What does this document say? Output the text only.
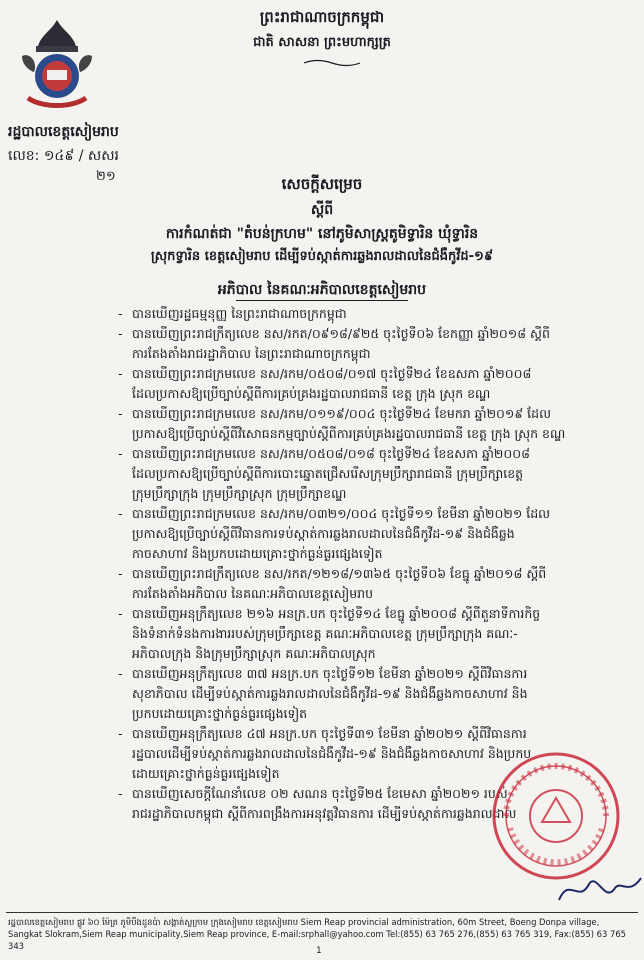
ព្រះរាជាណាចក្រកម្ពុជា
ជាតិ សាសនា ព្រះមហាក្សត្រ
រដ្ឋបាលខេត្តសៀមរាប
លេខ: ១៤៩ / សសរ
២១	សេចក្តីសម្រេច
ស្តីពី
ការកំណត់ជា "តំបន់ក្រហម" នៅភូមិសាស្ត្រតូមិទ្វារិន ឃុំទ្វារិន
ស្រុកទ្វារិន ខេត្តសៀមរាប ដើម្បីទប់ស្កាត់ការឆ្លងរាលដាលនៃជំងឺកូវីដ-១៩
អភិបាល នៃគណៈអភិបាលខេត្តសៀមរាប
- បានឃើញរដ្ឋធម្មនុញ្ញ នៃព្រះរាជាណាចក្រកម្ពុជា
- បានឃើញព្រះរាជក្រឹត្យលេខ នស/រកត/០៩១៨/៩២៥ ចុះថ្ងៃទី០៦ ខែកញ្ញា ឆ្នាំ២០១៨ ស្តីពី
ការតែងតាំងរាជរដ្ឋាភិបាល នៃព្រះរាជាណាចក្រកម្ពុជា
- បានឃើញព្រះរាជក្រមលេខ នស/រកម/០៥០៨/០១៧ ចុះថ្ងៃទី២៤ ខែឧសភា ឆ្នាំ២០០៨
ដែលប្រកាសឱ្យប្រើច្បាប់ស្តីពីការគ្រប់គ្រងរដ្ឋបាលរាជធានី ខេត្ត ក្រុង ស្រុក ខណ្ឌ
- បានឃើញព្រះរាជក្រមលេខ នស/រកម/០១១៩/០០៤ ចុះថ្ងៃទី២៤ ខែមករា ឆ្នាំ២០១៩ ដែល
ប្រកាសឱ្យប្រើច្បាប់ស្តីពីវិសោធនកម្មច្បាប់ស្តីពីការគ្រប់គ្រងរដ្ឋបាលរាជធានី ខេត្ត ក្រុង ស្រុក ខណ្ឌ
- បានឃើញព្រះរាជក្រមលេខ នស/រកម/០៥០៨/០១៨ ចុះថ្ងៃទី២៤ ខែឧសភា ឆ្នាំ២០០៨
ដែលប្រកាសឱ្យប្រើច្បាប់ស្តីពីការបោះឆ្នោតជ្រើសរើសក្រុមប្រឹក្សារាជធានី ក្រុមប្រឹក្សាខេត្ត
ក្រុមប្រឹក្សាក្រុង ក្រុមប្រឹក្សាស្រុក ក្រុមប្រឹក្សាខណ្ឌ
- បានឃើញព្រះរាជក្រមលេខ នស/រកម/០៣២១/០០៤ ចុះថ្ងៃទី១១ ខែមីនា ឆ្នាំ២០២១ ដែល
ប្រកាសឱ្យប្រើច្បាប់ស្តីពីវិធានការទប់ស្កាត់ការឆ្លងរាលដាលនៃជំងឺកូវីដ-១៩ និងជំងឺឆ្លង
កាចសាហាវ និងប្រកបដោយគ្រោះថ្នាក់ធ្ងន់ធ្ងរផ្សេងទៀត
- បានឃើញព្រះរាជក្រឹត្យលេខ នស/រកត/១២១៨/១៣៦៥ ចុះថ្ងៃទី០៦ ខែធ្នូ ឆ្នាំ២០១៨ ស្តីពី
ការតែងតាំងអភិបាល នៃគណៈអភិបាលខេត្តសៀមរាប
- បានឃើញអនុក្រឹត្យលេខ ២១៦ អនក្រ.បក ចុះថ្ងៃទី១៤ ខែធ្នូ ឆ្នាំ២០០៨ ស្តីពីតួនាទីការកិច្ច
និងទំនាក់ទំនងការងាររបស់ក្រុមប្រឹក្សាខេត្ត គណៈអភិបាលខេត្ត ក្រុមប្រឹក្សាក្រុង គណៈ-
អភិបាលក្រុង និងក្រុមប្រឹក្សាស្រុក គណៈអភិបាលស្រុក
- បានឃើញអនុក្រឹត្យលេខ ៣៧ អនក្រ.បក ចុះថ្ងៃទី១២ ខែមីនា ឆ្នាំ២០២១ ស្តីពីវិធានការ
សុខាភិបាល ដើម្បីទប់ស្កាត់ការឆ្លងរាលដាលនៃជំងឺកូវីដ-១៩ និងជំងឺឆ្លងកាចសាហាវ និង
ប្រកបដោយគ្រោះថ្នាក់ធ្ងន់ធ្ងរផ្សេងទៀត
- បានឃើញអនុក្រឹត្យលេខ ៤៧ អនក្រ.បក ចុះថ្ងៃទី៣១ ខែមីនា ឆ្នាំ២០២១ ស្តីពីវិធានការ
រដ្ឋបាលដើម្បីទប់ស្កាត់ការឆ្លងរាលដាលនៃជំងឺកូវីដ-១៩ និងជំងឺឆ្លងកាចសាហាវ និងប្រកប
ដោយគ្រោះថ្នាក់ធ្ងន់ធ្ងរផ្សេងទៀត
- បានឃើញសេចក្តីណែនាំលេខ ០២ សណន ចុះថ្ងៃទី២៥ ខែមេសា ឆ្នាំ២០២១ របស់
រាជរដ្ឋាភិបាលកម្ពុជា ស្តីពីការពង្រឹងការអនុវត្តវិធានការ ដើម្បីទប់ស្កាត់ការឆ្លងរាលដាល
រដ្ឋបាលខេត្តសៀមរាប ផ្លូវ ៦០ ម៉ែត្រ ភូមិបឹងដូនប៉ា សង្កាត់ស្លក្រាម ក្រុងសៀមរាប ខេត្តសៀមរាប Siem Reap provincial administration, 60m Street, Boeng Donpa village,
Sangkat Slokram,Siem Reap municipality,Siem Reap province, E-mail:srphall@yahoo.com Tel:(855) 63 765 276,(855) 63 765 319, Fax:(855) 63 765 343	1
